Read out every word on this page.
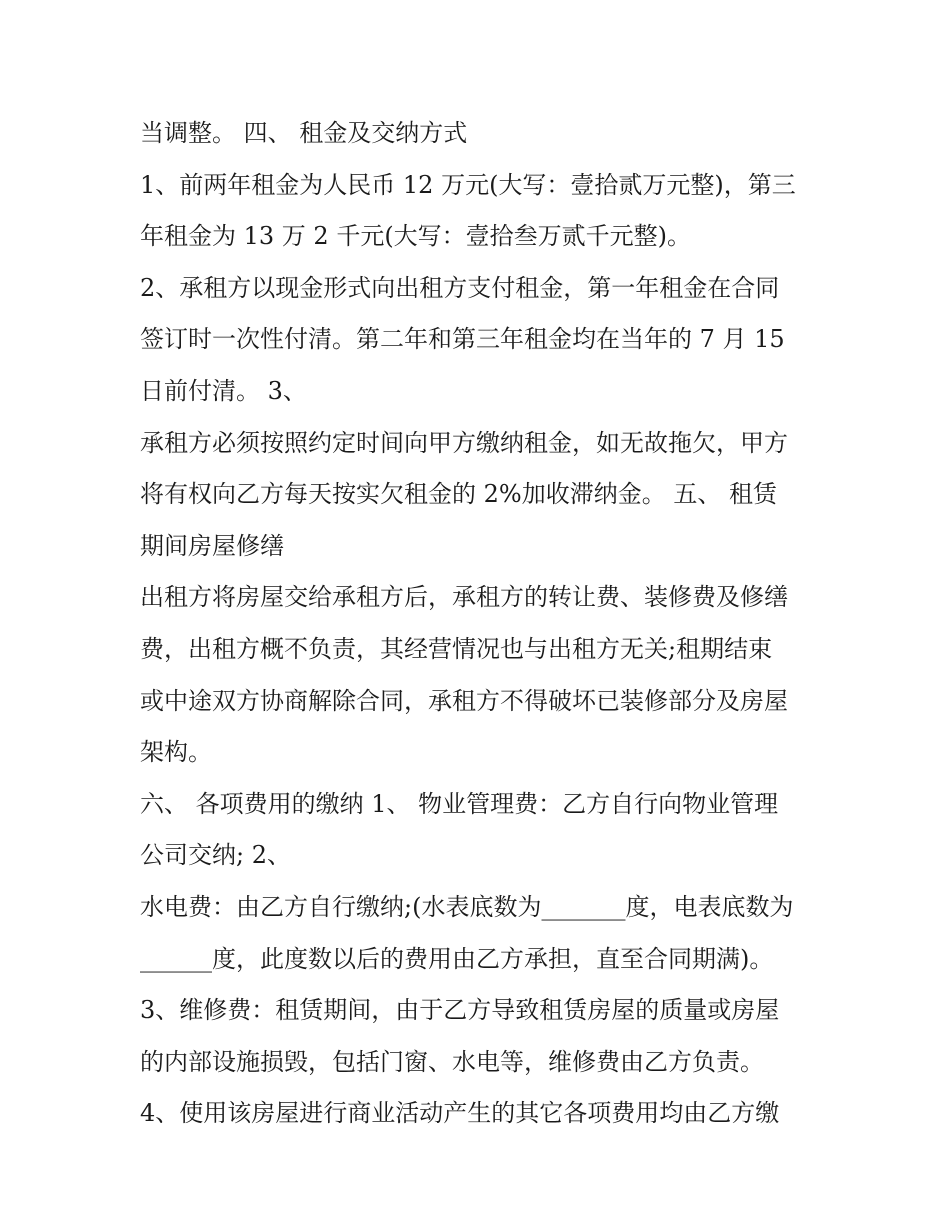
当调整。 四、 租金及交纳方式
1、前两年租金为人民币 12 万元(大写：壹拾贰万元整)，第三
年租金为 13 万 2 千元(大写：壹拾叁万贰千元整)。
2、承租方以现金形式向出租方支付租金，第一年租金在合同
签订时一次性付清。第二年和第三年租金均在当年的 7 月 15
日前付清。 3、
承租方必须按照约定时间向甲方缴纳租金，如无故拖欠，甲方
将有权向乙方每天按实欠租金的 2%加收滞纳金。 五、 租赁
期间房屋修缮
出租方将房屋交给承租方后，承租方的转让费、装修费及修缮
费，出租方概不负责，其经营情况也与出租方无关;租期结束
或中途双方协商解除合同，承租方不得破坏已装修部分及房屋
架构。
六、 各项费用的缴纳 1、 物业管理费：乙方自行向物业管理
公司交纳; 2、
水电费：由乙方自行缴纳;(水表底数为_______度，电表底数为
______度，此度数以后的费用由乙方承担，直至合同期满)。
3、维修费：租赁期间，由于乙方导致租赁房屋的质量或房屋
的内部设施损毁，包括门窗、水电等，维修费由乙方负责。
4、使用该房屋进行商业活动产生的其它各项费用均由乙方缴
